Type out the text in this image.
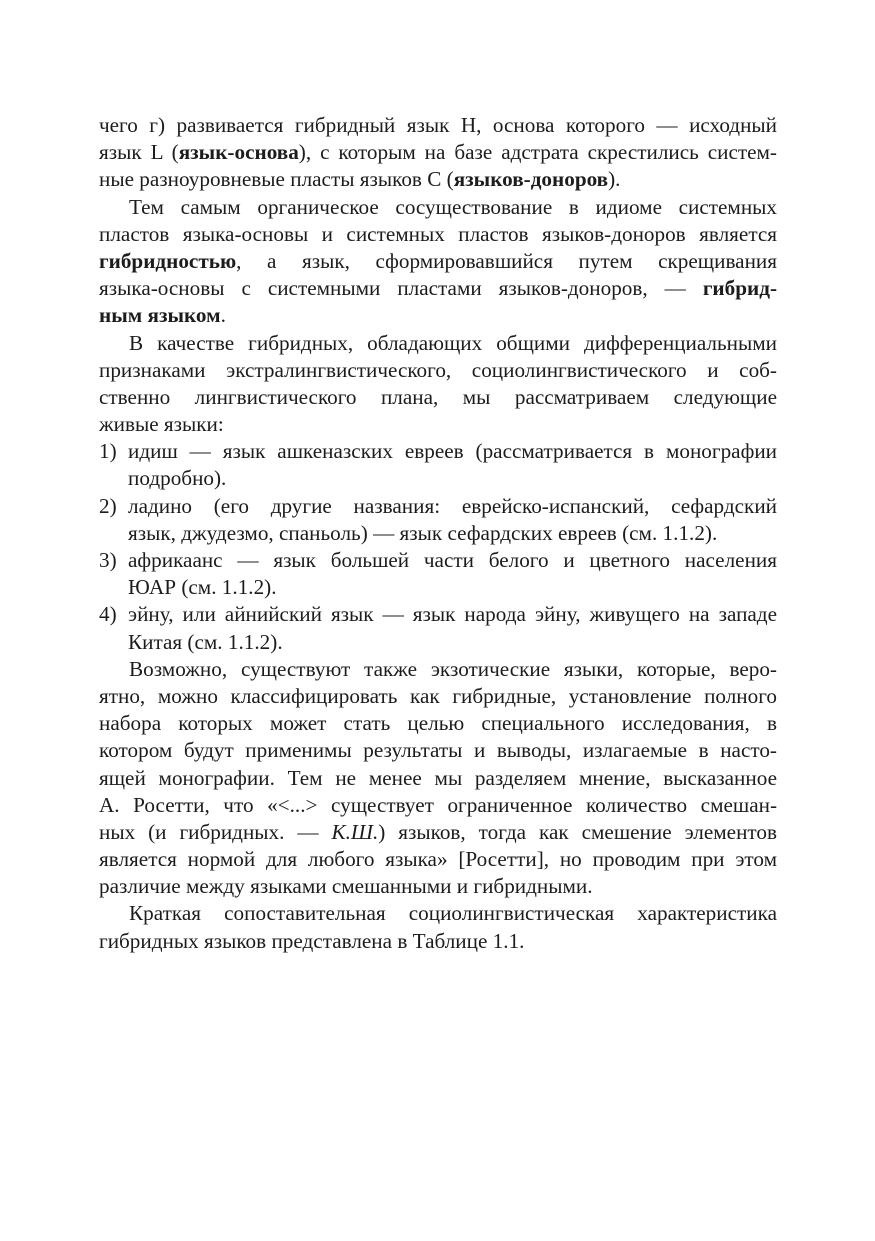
чего г) развивается гибридный язык H, основа которого — исходный
язык L (язык-основа), с которым на базе адстрата скрестились систем-
ные разноуровневые пласты языков C (языков-доноров).
Тем самым органическое сосуществование в идиоме системных
пластов языка-основы и системных пластов языков-доноров является
гибридностью, а язык, сформировавшийся путем скрещивания
языка-основы с системными пластами языков-доноров, — гибрид-
ным языком.
В качестве гибридных, обладающих общими дифференциальными
признаками экстралингвистического, социолингвистического и соб-
ственно лингвистического плана, мы рассматриваем следующие
живые языки:
1) идиш — язык ашкеназских евреев (рассматривается в монографии
подробно).
2) ладино (его другие названия: еврейско-испанский, сефардский
язык, джудезмо, спаньоль) — язык сефардских евреев (см. 1.1.2).
3) африкаанс — язык большей части белого и цветного населения
ЮАР (см. 1.1.2).
4) эйну, или айнийский язык — язык народа эйну, живущего на западе
Китая (см. 1.1.2).
Возможно, существуют также экзотические языки, которые, веро-
ятно, можно классифицировать как гибридные, установление полного
набора которых может стать целью специального исследования, в
котором будут применимы результаты и выводы, излагаемые в насто-
ящей монографии. Тем не менее мы разделяем мнение, высказанное
А. Росетти, что «<...> существует ограниченное количество смешан-
ных (и гибридных. — К.Ш.) языков, тогда как смешение элементов
является нормой для любого языка» [Росетти], но проводим при этом
различие между языками смешанными и гибридными.
Краткая сопоставительная социолингвистическая характеристика
гибридных языков представлена в Таблице 1.1.
